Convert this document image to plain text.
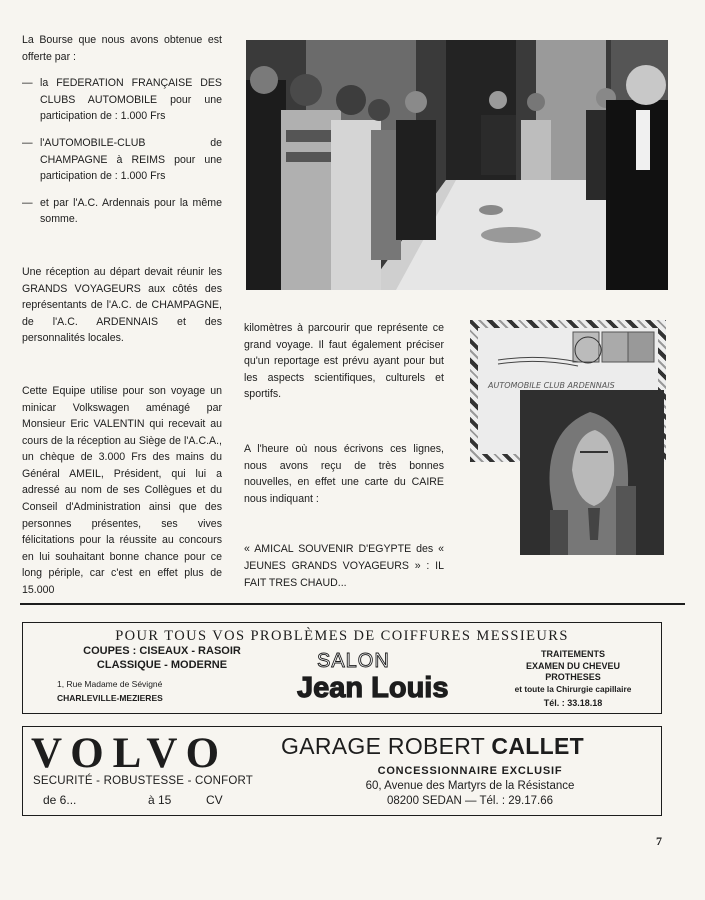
La Bourse que nous avons obtenue est offerte par :

— la FEDERATION FRANÇAISE DES CLUBS AUTOMOBILE pour une participation de : 1.000 Frs
— l'AUTOMOBILE-CLUB de CHAMPAGNE à REIMS pour une participation de : 1.000 Frs
— et par l'A.C. Ardennais pour la même somme.

Une réception au départ devait réunir les GRANDS VOYAGEURS aux côtés des représentants de l'A.C. de CHAMPAGNE, de l'A.C. ARDENNAIS et des personnalités locales.

Cette Equipe utilise pour son voyage un minicar Volkswagen aménagé par Monsieur Eric VALENTIN qui recevait au cours de la réception au Siège de l'A.C.A., un chèque de 3.000 Frs des mains du Général AMEIL, Président, qui lui a adressé au nom de ses Collègues et du Conseil d'Administration ainsi que des personnes présentes, ses vives félicitations pour la réussite au concours en lui souhaitant bonne chance pour ce long périple, car c'est en effet plus de 15.000

kilomètres à parcourir que représente ce grand voyage. Il faut également préciser qu'un reportage est prévu ayant pour but les aspects scientifiques, culturels et sportifs.

A l'heure où nous écrivons ces lignes, nous avons reçu de très bonnes nouvelles, en effet une carte du CAIRE nous indiquant :

« AMICAL SOUVENIR D'EGYPTE des « JEUNES GRANDS VOYAGEURS » : IL FAIT TRES CHAUD...

AUTOMOBILE CLUB ARDENNAIS
POUR TOUS VOS PROBLÈMES DE COIFFURES MESSIEURS
COUPES : CISEAUX - RASOIR
CLASSIQUE - MODERNE
1, Rue Madame de Sévigné
CHARLEVILLE-MEZIERES
SALON
Jean Louis
TRAITEMENTS
EXAMEN DU CHEVEU
PROTHESES
et toute la Chirurgie capillaire
Tél. : 33.18.18
VOLVO
SECURITÉ - ROBUSTESSE - CONFORT
de 6...	à 15	CV
GARAGE ROBERT CALLET
CONCESSIONNAIRE EXCLUSIF
60, Avenue des Martyrs de la Résistance
08200 SEDAN — Tél. : 29.17.66
7
